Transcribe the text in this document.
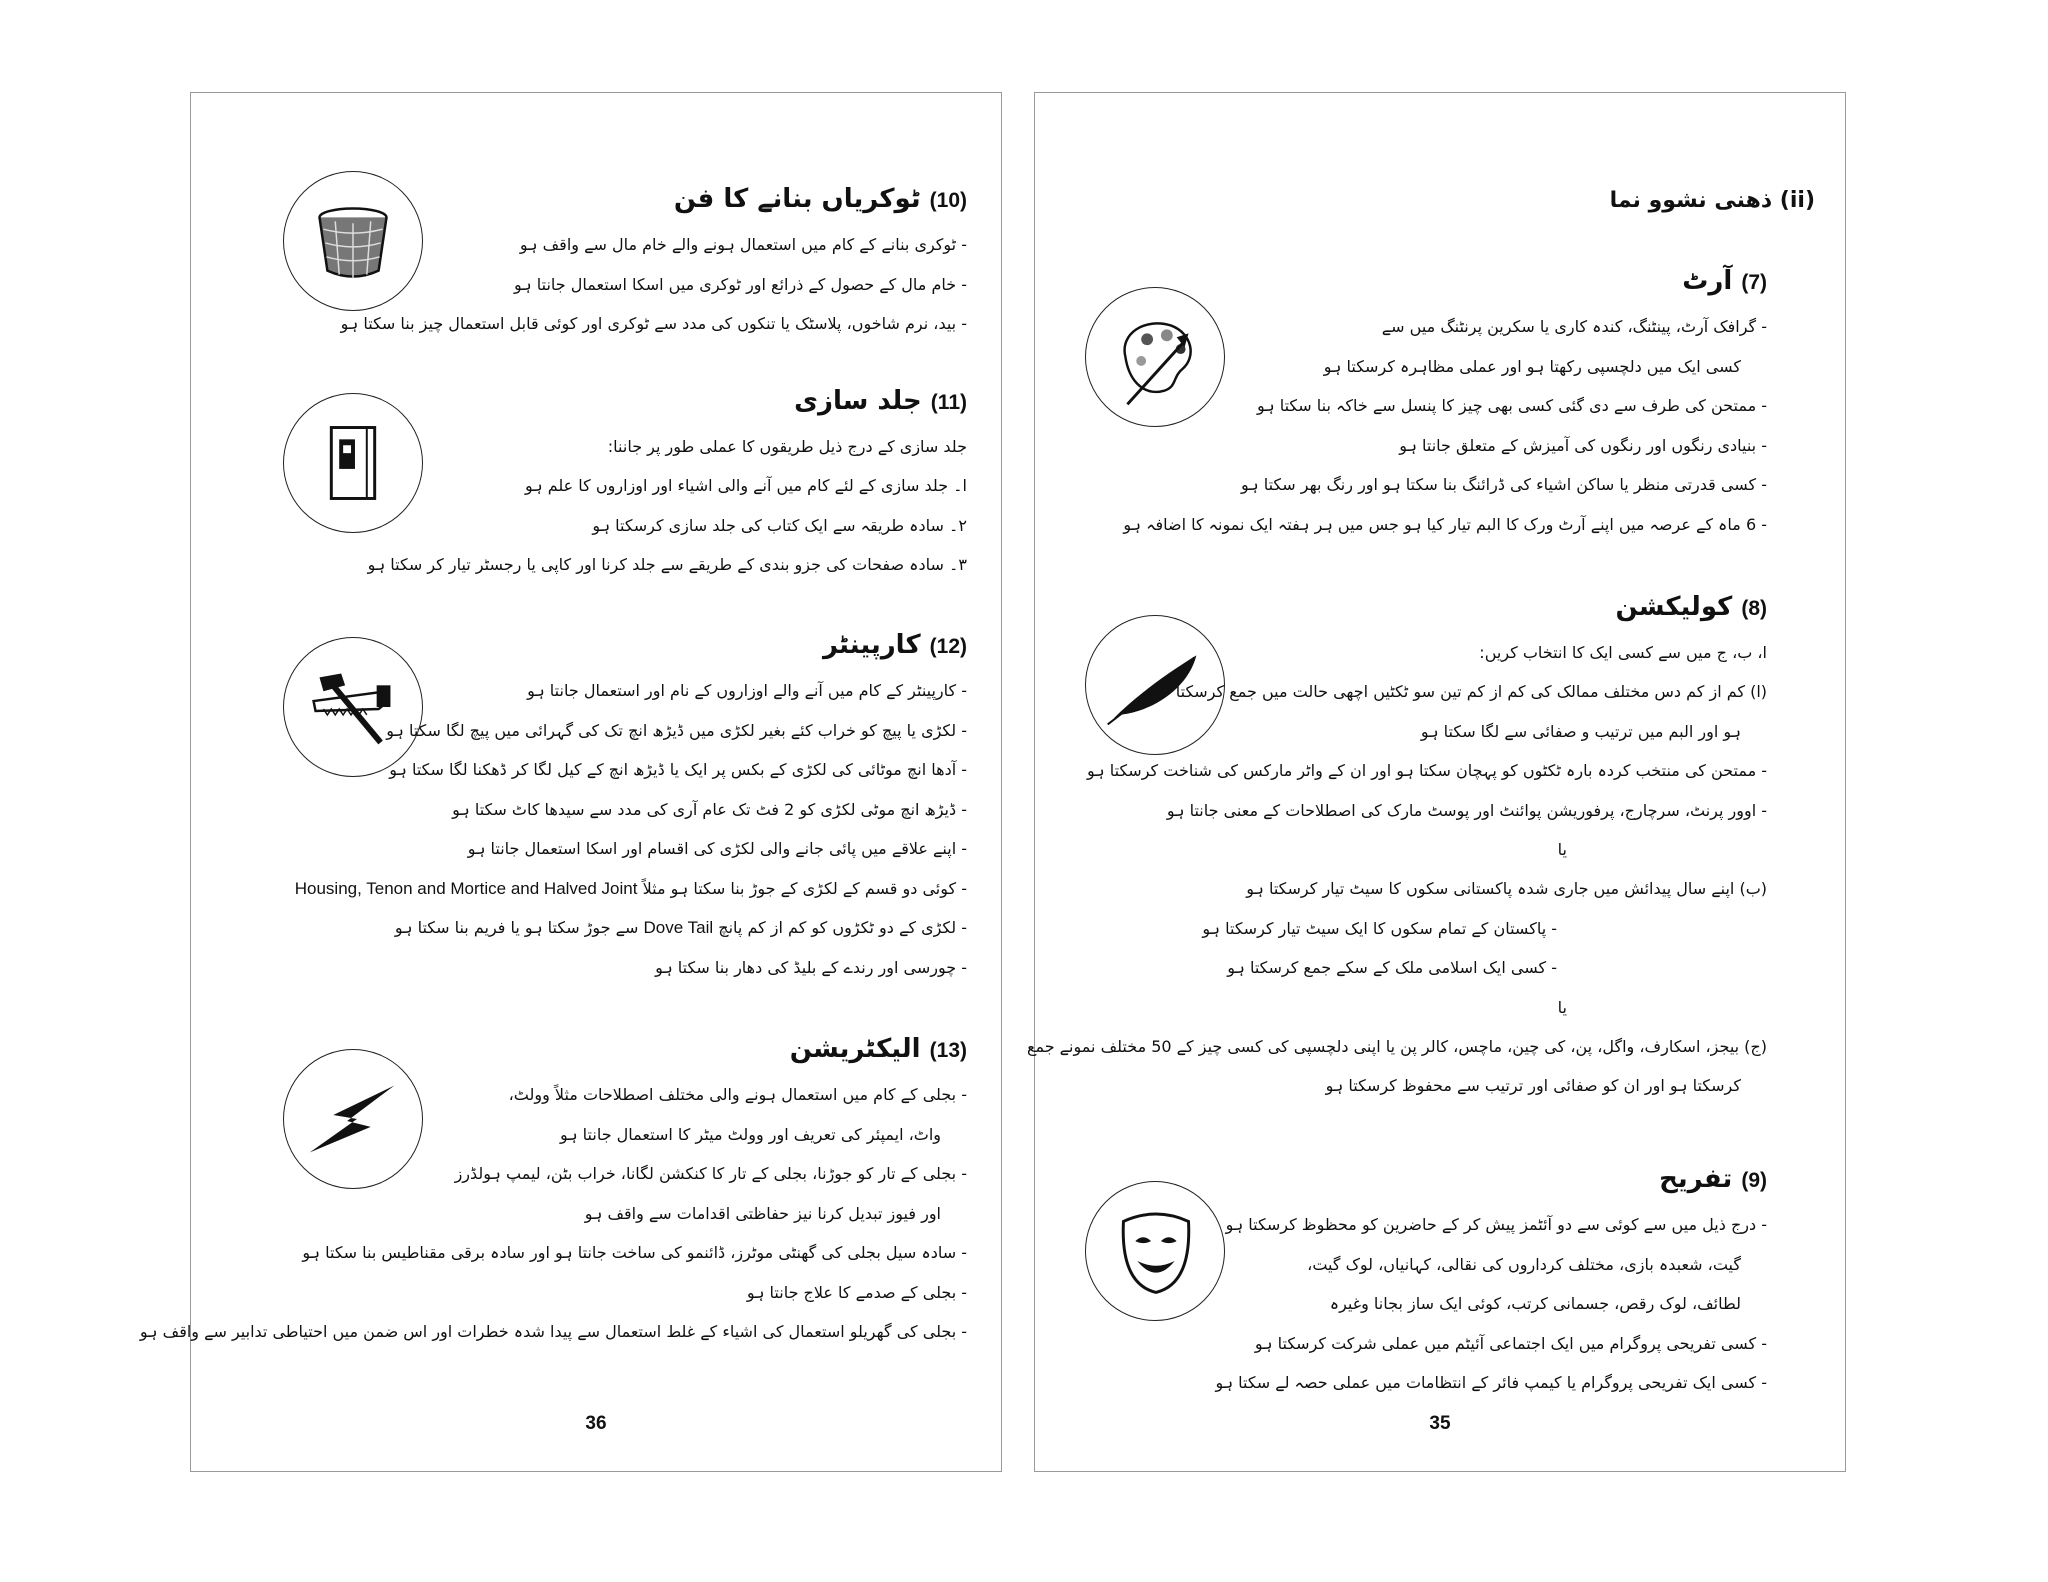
(10) ٹوکریاں بنانے کا فن
- ٹوکری بنانے کے کام میں استعمال ہونے والے خام مال سے واقف ہو
- خام مال کے حصول کے ذرائع اور ٹوکری میں اسکا استعمال جانتا ہو
- بید، نرم شاخوں، پلاسٹک یا تنکوں کی مدد سے ٹوکری اور کوئی قابل استعمال چیز بنا سکتا ہو
(11) جلد سازی
جلد سازی کے درج ذیل طریقوں کا عملی طور پر جاننا:
ا۔ جلد سازی کے لئے کام میں آنے والی اشیاء اور اوزاروں کا علم ہو
۲۔ سادہ طریقہ سے ایک کتاب کی جلد سازی کرسکتا ہو
۳۔ سادہ صفحات کی جزو بندی کے طریقے سے جلد کرنا اور کاپی یا رجسٹر تیار کر سکتا ہو
(12) کارپینٹر
- کارپینٹر کے کام میں آنے والے اوزاروں کے نام اور استعمال جانتا ہو
- لکڑی یا پیچ کو خراب کئے بغیر لکڑی میں ڈیڑھ انچ تک کی گہرائی میں پیچ لگا سکتا ہو
- آدھا انچ موٹائی کی لکڑی کے بکس پر ایک یا ڈیڑھ انچ کے کیل لگا کر ڈھکنا لگا سکتا ہو
- ڈیڑھ انچ موٹی لکڑی کو 2 فٹ تک عام آری کی مدد سے سیدھا کاٹ سکتا ہو
- اپنے علاقے میں پائی جانے والی لکڑی کی اقسام اور اسکا استعمال جانتا ہو
- کوئی دو قسم کے لکڑی کے جوڑ بنا سکتا ہو مثلاً Housing, Tenon and Mortice and Halved Joint
- لکڑی کے دو ٹکڑوں کو کم از کم پانچ Dove Tail سے جوڑ سکتا ہو یا فریم بنا سکتا ہو
- چورسی اور رندے کے بلیڈ کی دھار بنا سکتا ہو
(13) الیکٹریشن
- بجلی کے کام میں استعمال ہونے والی مختلف اصطلاحات مثلاً وولٹ،
واٹ، ایمپئر کی تعریف اور وولٹ میٹر کا استعمال جانتا ہو
- بجلی کے تار کو جوڑنا، بجلی کے تار کا کنکشن لگانا، خراب بٹن، لیمپ ہولڈرز
اور فیوز تبدیل کرنا نیز حفاظتی اقدامات سے واقف ہو
- سادہ سیل بجلی کی گھنٹی موٹرز، ڈائنمو کی ساخت جانتا ہو اور سادہ برقی مقناطیس بنا سکتا ہو
- بجلی کے صدمے کا علاج جانتا ہو
- بجلی کی گھریلو استعمال کی اشیاء کے غلط استعمال سے پیدا شدہ خطرات اور اس ضمن میں احتیاطی تدابیر سے واقف ہو
36
(ii) ذھنی نشوو نما
(7) آرٹ
- گرافک آرٹ، پینٹنگ، کندہ کاری یا سکرین پرنٹنگ میں سے
کسی ایک میں دلچسپی رکھتا ہو اور عملی مظاہرہ کرسکتا ہو
- ممتحن کی طرف سے دی گئی کسی بھی چیز کا پنسل سے خاکہ بنا سکتا ہو
- بنیادی رنگوں اور رنگوں کی آمیزش کے متعلق جانتا ہو
- کسی قدرتی منظر یا ساکن اشیاء کی ڈرائنگ بنا سکتا ہو اور رنگ بھر سکتا ہو
- 6 ماہ کے عرصہ میں اپنے آرٹ ورک کا البم تیار کیا ہو جس میں ہر ہفتہ ایک نمونہ کا اضافہ ہو
(8) کولیکشن
ا، ب، ج میں سے کسی ایک کا انتخاب کریں:
(ا) کم از کم دس مختلف ممالک کی کم از کم تین سو ٹکٹیں اچھی حالت میں جمع کرسکتا
ہو اور البم میں ترتیب و صفائی سے لگا سکتا ہو
- ممتحن کی منتخب کردہ بارہ ٹکٹوں کو پہچان سکتا ہو اور ان کے واٹر مارکس کی شناخت کرسکتا ہو
- اوور پرنٹ، سرچارج، پرفوریشن پوائنٹ اور پوسٹ مارک کی اصطلاحات کے معنی جانتا ہو
یا
(ب) اپنے سال پیدائش میں جاری شدہ پاکستانی سکوں کا سیٹ تیار کرسکتا ہو
- پاکستان کے تمام سکوں کا ایک سیٹ تیار کرسکتا ہو
- کسی ایک اسلامی ملک کے سکے جمع کرسکتا ہو
یا
(ج) بیجز، اسکارف، واگل، پن، کی چین، ماچس، کالر پن یا اپنی دلچسپی کی کسی چیز کے 50 مختلف نمونے جمع
کرسکتا ہو اور ان کو صفائی اور ترتیب سے محفوظ کرسکتا ہو
(9) تفریح
- درج ذیل میں سے کوئی سے دو آئٹمز پیش کر کے حاضرین کو محظوظ کرسکتا ہو
گیت، شعبدہ بازی، مختلف کرداروں کی نقالی، کہانیاں، لوک گیت،
لطائف، لوک رقص، جسمانی کرتب، کوئی ایک ساز بجانا وغیرہ
- کسی تفریحی پروگرام میں ایک اجتماعی آئیٹم میں عملی شرکت کرسکتا ہو
- کسی ایک تفریحی پروگرام یا کیمپ فائر کے انتظامات میں عملی حصہ لے سکتا ہو
35
